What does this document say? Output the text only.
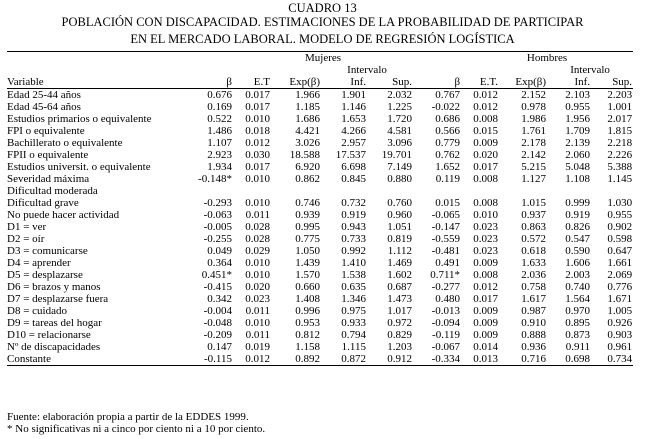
CUADRO 13
POBLACIÓN CON DISCAPACIDAD. ESTIMACIONES DE LA PROBABILIDAD DE PARTICIPAR
EN EL MERCADO LABORAL. MODELO DE REGRESIÓN LOGÍSTICA
		Mujeres					Hombres			
				Intervalo					Intervalo	
Variable	β	E.T	Exp(β)	Inf.	Sup.	β	E.T.	Exp(β)	Inf.	Sup.
Edad 25-44 años	0.676	0.017	1.966	1.901	2.032	0.767	0.012	2.152	2.103	2.203
Edad 45-64 años	0.169	0.017	1.185	1.146	1.225	-0.022	0.012	0.978	0.955	1.001
Estudios primarios o equivalente	0.522	0.010	1.686	1.653	1.720	0.686	0.008	1.986	1.956	2.017
FPI o equivalente	1.486	0.018	4.421	4.266	4.581	0.566	0.015	1.761	1.709	1.815
Bachillerato o equivalente	1.107	0.012	3.026	2.957	3.096	0.779	0.009	2.178	2.139	2.218
FPII o equivalente	2.923	0.030	18.588	17.537	19.701	0.762	0.020	2.142	2.060	2.226
Estudios universit. o equivalente	1.934	0.017	6.920	6.698	7.149	1.652	0.017	5.215	5.048	5.388
Severidad máxima	-0.148*	0.010	0.862	0.845	0.880	0.119	0.008	1.127	1.108	1.145
Dificultad moderada										
Dificultad grave	-0.293	0.010	0.746	0.732	0.760	0.015	0.008	1.015	0.999	1.030
No puede hacer actividad	-0.063	0.011	0.939	0.919	0.960	-0.065	0.010	0.937	0.919	0.955
D1 = ver	-0.005	0.028	0.995	0.943	1.051	-0.147	0.023	0.863	0.826	0.902
D2 = oír	-0.255	0.028	0.775	0.733	0.819	-0.559	0.023	0.572	0.547	0.598
D3 = comunicarse	0.049	0.029	1.050	0.992	1.112	-0.481	0.023	0.618	0.590	0.647
D4 = aprender	0.364	0.010	1.439	1.410	1.469	0.491	0.009	1.633	1.606	1.661
D5 = desplazarse	0.451*	0.010	1.570	1.538	1.602	0.711*	0.008	2.036	2.003	2.069
D6 = brazos y manos	-0.415	0.020	0.660	0.635	0.687	-0.277	0.012	0.758	0.740	0.776
D7 = desplazarse fuera	0.342	0.023	1.408	1.346	1.473	0.480	0.017	1.617	1.564	1.671
D8 = cuidado	-0.004	0.011	0.996	0.975	1.017	-0.013	0.009	0.987	0.970	1.005
D9 = tareas del hogar	-0.048	0.010	0.953	0.933	0.972	-0.094	0.009	0.910	0.895	0.926
D10 = relacionarse	-0.209	0.011	0.812	0.794	0.829	-0.119	0.009	0.888	0.873	0.903
Nº de discapacidades	0.147	0.019	1.158	1.115	1.203	-0.067	0.014	0.936	0.911	0.961
Constante	-0.115	0.012	0.892	0.872	0.912	-0.334	0.013	0.716	0.698	0.734
Fuente: elaboración propia a partir de la EDDES 1999.
* No significativas ni a cinco por ciento ni a 10 por ciento.
